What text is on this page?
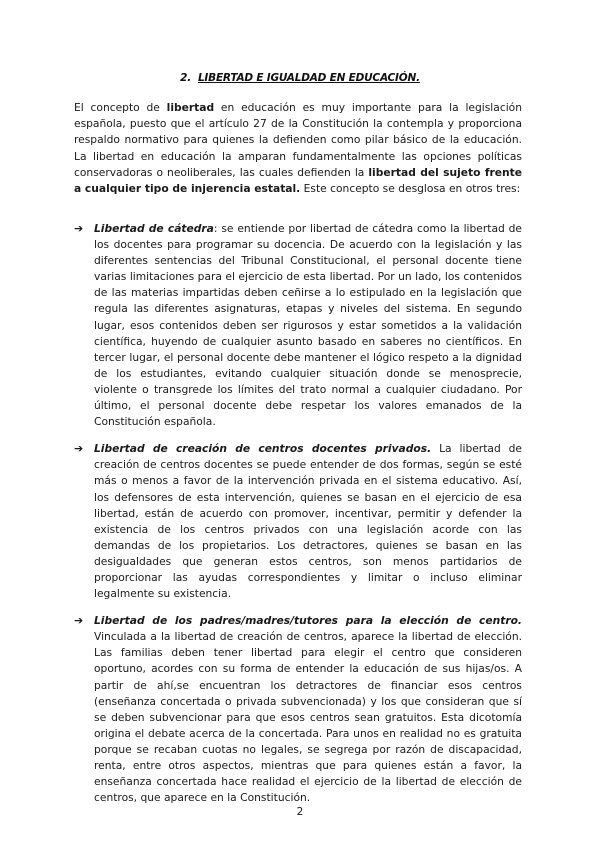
2. LIBERTAD E IGUALDAD EN EDUCACIÓN.

El concepto de libertad en educación es muy importante para la legislación española, puesto que el artículo 27 de la Constitución la contempla y proporciona respaldo normativo para quienes la defienden como pilar básico de la educación. La libertad en educación la amparan fundamentalmente las opciones políticas conservadoras o neoliberales, las cuales defienden la libertad del sujeto frente a cualquier tipo de injerencia estatal. Este concepto se desglosa en otros tres:

➔ Libertad de cátedra: se entiende por libertad de cátedra como la libertad de los docentes para programar su docencia. De acuerdo con la legislación y las diferentes sentencias del Tribunal Constitucional, el personal docente tiene varias limitaciones para el ejercicio de esta libertad. Por un lado, los contenidos de las materias impartidas deben ceñirse a lo estipulado en la legislación que regula las diferentes asignaturas, etapas y niveles del sistema. En segundo lugar, esos contenidos deben ser rigurosos y estar sometidos a la validación científica, huyendo de cualquier asunto basado en saberes no científicos. En tercer lugar, el personal docente debe mantener el lógico respeto a la dignidad de los estudiantes, evitando cualquier situación donde se menosprecie, violente o transgrede los límites del trato normal a cualquier ciudadano. Por último, el personal docente debe respetar los valores emanados de la Constitución española.
➔ Libertad de creación de centros docentes privados. La libertad de creación de centros docentes se puede entender de dos formas, según se esté más o menos a favor de la intervención privada en el sistema educativo. Así, los defensores de esta intervención, quienes se basan en el ejercicio de esa libertad, están de acuerdo con promover, incentivar, permitir y defender la existencia de los centros privados con una legislación acorde con las demandas de los propietarios. Los detractores, quienes se basan en las desigualdades que generan estos centros, son menos partidarios de proporcionar las ayudas correspondientes y limitar o incluso eliminar legalmente su existencia.
➔ Libertad de los padres/madres/tutores para la elección de centro. Vinculada a la libertad de creación de centros, aparece la libertad de elección. Las familias deben tener libertad para elegir el centro que consideren oportuno, acordes con su forma de entender la educación de sus hijas/os. A partir de ahí,se encuentran los detractores de financiar esos centros (enseñanza concertada o privada subvencionada) y los que consideran que sí se deben subvencionar para que esos centros sean gratuitos. Esta dicotomía origina el debate acerca de la concertada. Para unos en realidad no es gratuita porque se recaban cuotas no legales, se segrega por razón de discapacidad, renta, entre otros aspectos, mientras que para quienes están a favor, la enseñanza concertada hace realidad el ejercicio de la libertad de elección de centros, que aparece en la Constitución.
2
